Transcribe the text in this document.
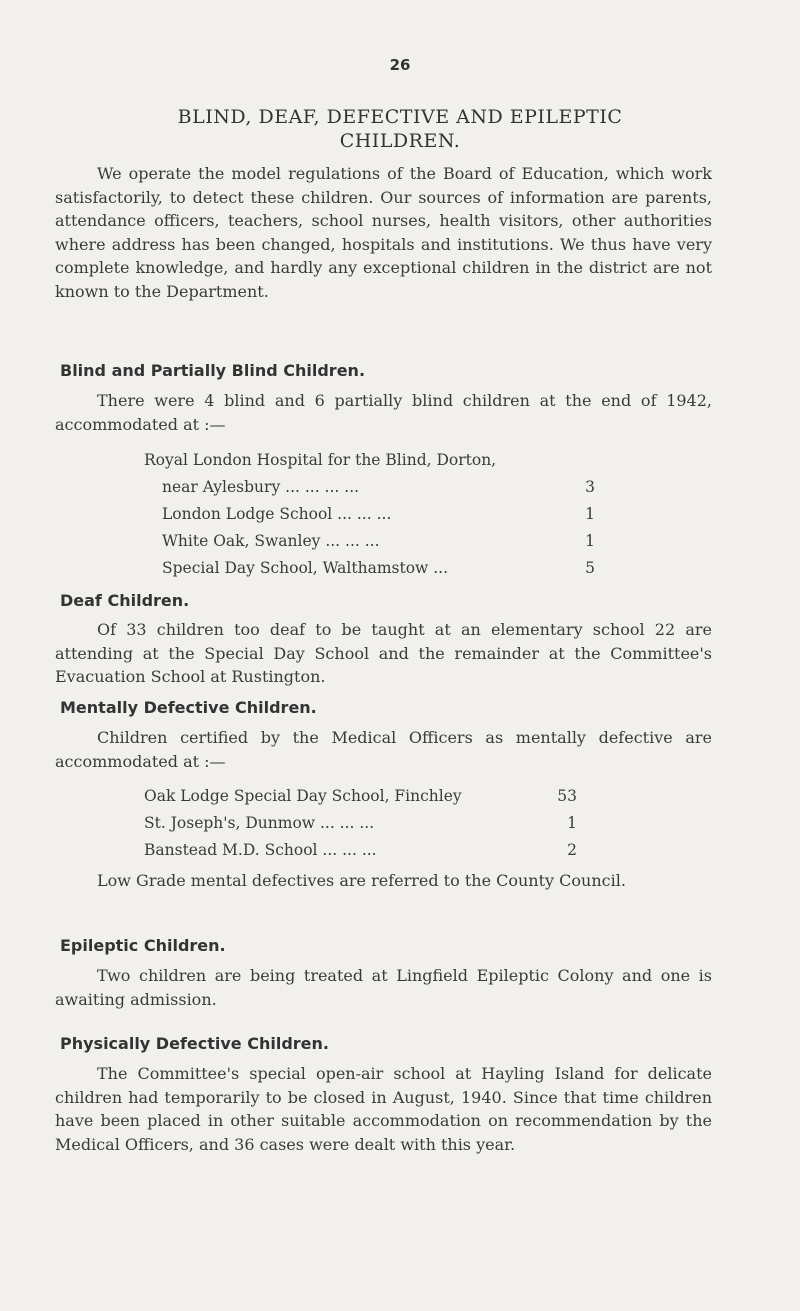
26
BLIND, DEAF, DEFECTIVE AND EPILEPTIC
CHILDREN.
We operate the model regulations of the Board of Education, which work satisfactorily, to detect these children. Our sources of information are parents, attendance officers, teachers, school nurses, health visitors, other authorities where address has been changed, hospitals and institutions. We thus have very complete knowledge, and hardly any exceptional children in the district are not known to the Department.
Blind and Partially Blind Children.
There were 4 blind and 6 partially blind children at the end of 1942, accommodated at :—
Royal London Hospital for the Blind, Dorton,
near Aylesbury ... ... ... ...	3
London Lodge School ... ... ...	1
White Oak, Swanley ... ... ...	1
Special Day School, Walthamstow ...	5
Deaf Children.
Of 33 children too deaf to be taught at an elementary school 22 are attending at the Special Day School and the remainder at the Committee's Evacuation School at Rustington.
Mentally Defective Children.
Children certified by the Medical Officers as mentally defective are accommodated at :—
Oak Lodge Special Day School, Finchley	53
St. Joseph's, Dunmow ... ... ...	1
Banstead M.D. School ... ... ...	2
Low Grade mental defectives are referred to the County Council.
Epileptic Children.
Two children are being treated at Lingfield Epileptic Colony and one is awaiting admission.
Physically Defective Children.
The Committee's special open-air school at Hayling Island for delicate children had temporarily to be closed in August, 1940. Since that time children have been placed in other suitable accommodation on recommendation by the Medical Officers, and 36 cases were dealt with this year.
